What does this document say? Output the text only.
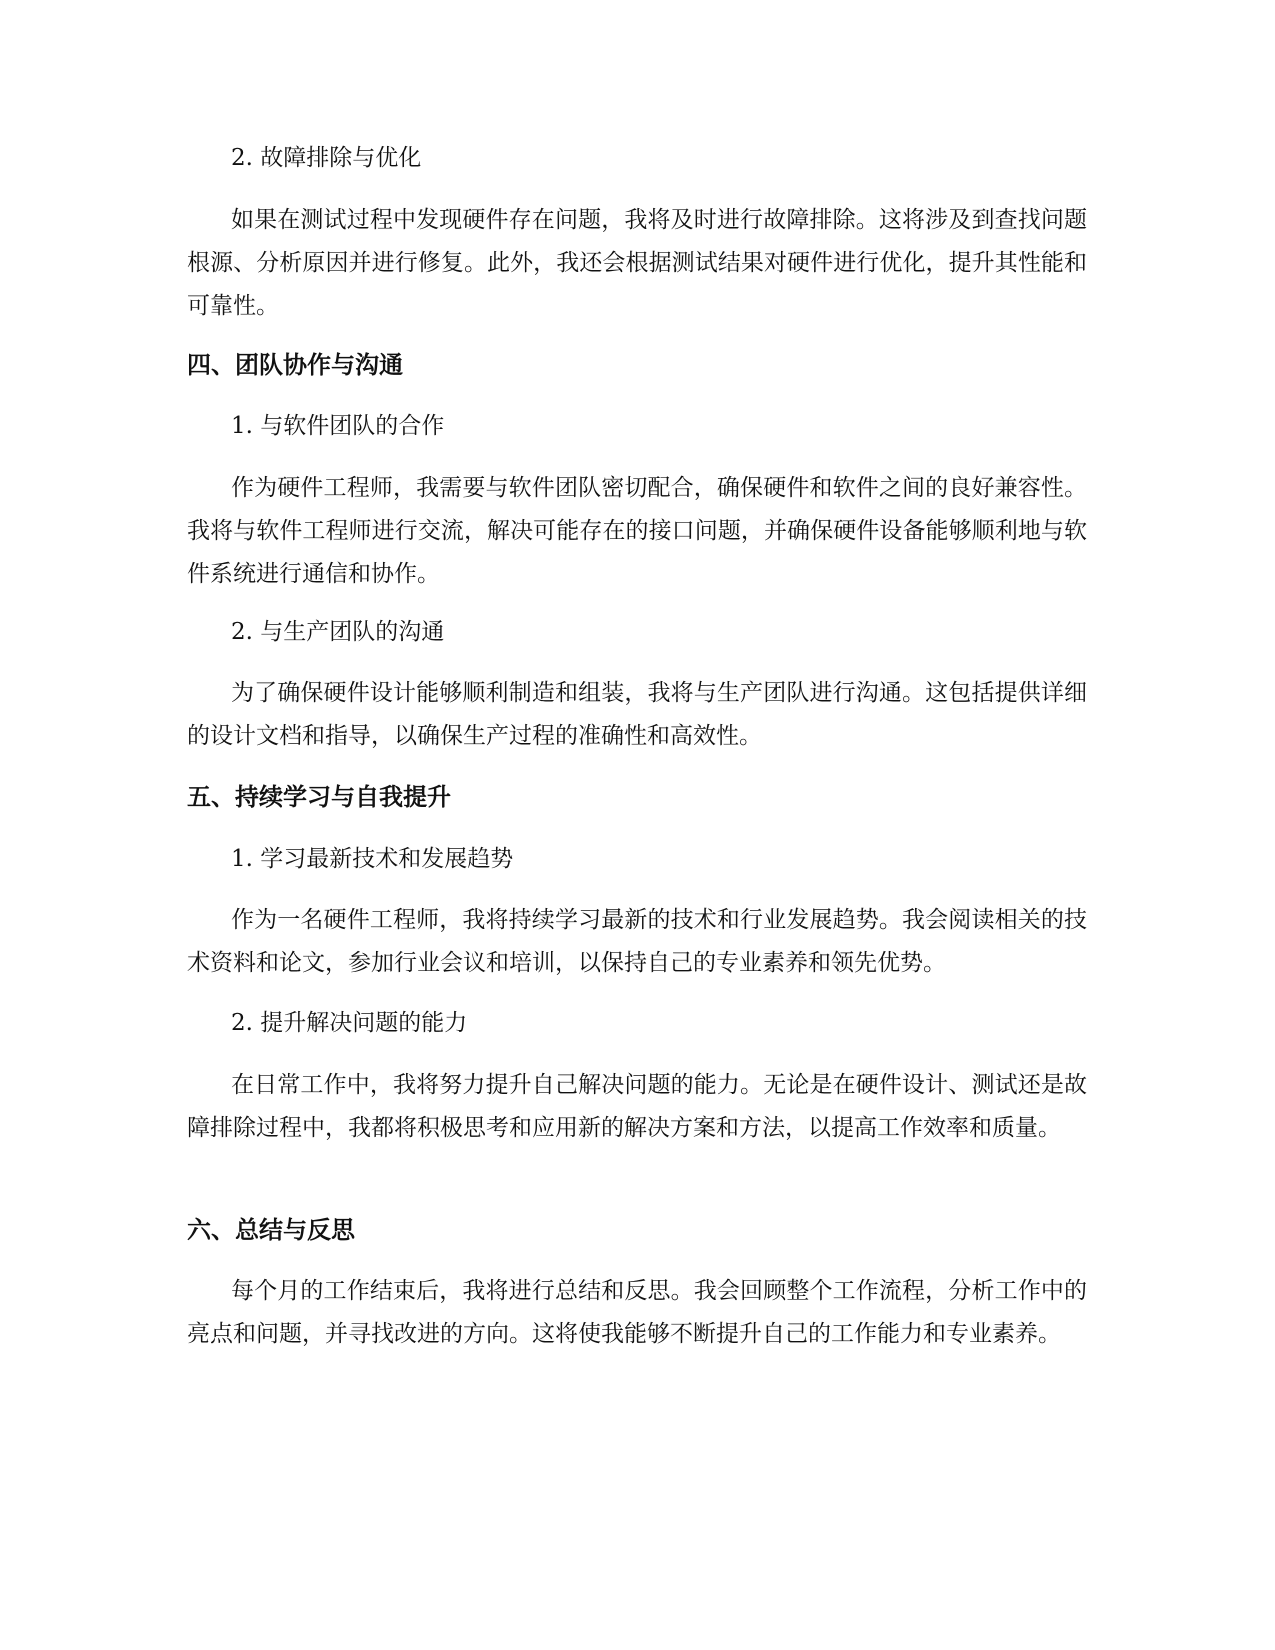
2. 故障排除与优化

如果在测试过程中发现硬件存在问题，我将及时进行故障排除。这将涉及到查找问题根源、分析原因并进行修复。此外，我还会根据测试结果对硬件进行优化，提升其性能和可靠性。

四、团队协作与沟通

1. 与软件团队的合作

作为硬件工程师，我需要与软件团队密切配合，确保硬件和软件之间的良好兼容性。我将与软件工程师进行交流，解决可能存在的接口问题，并确保硬件设备能够顺利地与软件系统进行通信和协作。

2. 与生产团队的沟通

为了确保硬件设计能够顺利制造和组装，我将与生产团队进行沟通。这包括提供详细的设计文档和指导，以确保生产过程的准确性和高效性。

五、持续学习与自我提升

1. 学习最新技术和发展趋势

作为一名硬件工程师，我将持续学习最新的技术和行业发展趋势。我会阅读相关的技术资料和论文，参加行业会议和培训，以保持自己的专业素养和领先优势。

2. 提升解决问题的能力

在日常工作中，我将努力提升自己解决问题的能力。无论是在硬件设计、测试还是故障排除过程中，我都将积极思考和应用新的解决方案和方法，以提高工作效率和质量。

六、总结与反思

每个月的工作结束后，我将进行总结和反思。我会回顾整个工作流程，分析工作中的亮点和问题，并寻找改进的方向。这将使我能够不断提升自己的工作能力和专业素养。
